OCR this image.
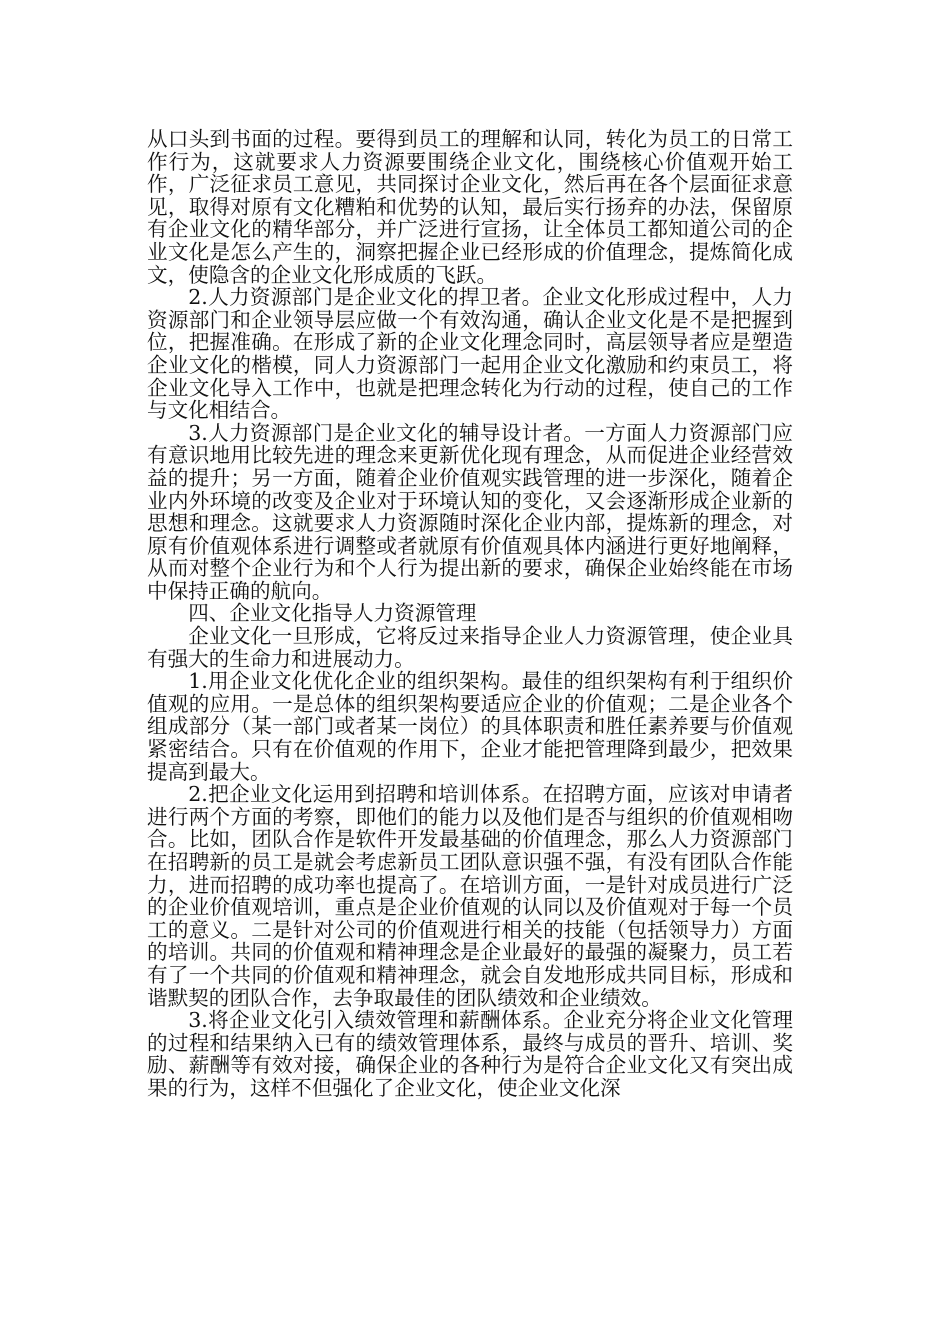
从口头到书面的过程。要得到员工的理解和认同，转化为员工的日常工作行为，这就要求人力资源要围绕企业文化，围绕核心价值观开始工作，广泛征求员工意见，共同探讨企业文化，然后再在各个层面征求意见，取得对原有文化糟粕和优势的认知，最后实行扬弃的办法，保留原有企业文化的精华部分，并广泛进行宣扬，让全体员工都知道公司的企业文化是怎么产生的，洞察把握企业已经形成的价值理念，提炼简化成文，使隐含的企业文化形成质的飞跃。

2.人力资源部门是企业文化的捍卫者。企业文化形成过程中，人力资源部门和企业领导层应做一个有效沟通，确认企业文化是不是把握到位，把握准确。在形成了新的企业文化理念同时，高层领导者应是塑造企业文化的楷模，同人力资源部门一起用企业文化激励和约束员工，将企业文化导入工作中，也就是把理念转化为行动的过程，使自己的工作与文化相结合。

3.人力资源部门是企业文化的辅导设计者。一方面人力资源部门应有意识地用比较先进的理念来更新优化现有理念，从而促进企业经营效益的提升；另一方面，随着企业价值观实践管理的进一步深化，随着企业内外环境的改变及企业对于环境认知的变化，又会逐渐形成企业新的思想和理念。这就要求人力资源随时深化企业内部，提炼新的理念，对原有价值观体系进行调整或者就原有价值观具体内涵进行更好地阐释，从而对整个企业行为和个人行为提出新的要求，确保企业始终能在市场中保持正确的航向。

四、企业文化指导人力资源管理

企业文化一旦形成，它将反过来指导企业人力资源管理，使企业具有强大的生命力和进展动力。

1.用企业文化优化企业的组织架构。最佳的组织架构有利于组织价值观的应用。一是总体的组织架构要适应企业的价值观；二是企业各个组成部分（某一部门或者某一岗位）的具体职责和胜任素养要与价值观紧密结合。只有在价值观的作用下，企业才能把管理降到最少，把效果提高到最大。

2.把企业文化运用到招聘和培训体系。在招聘方面，应该对申请者进行两个方面的考察，即他们的能力以及他们是否与组织的价值观相吻合。比如，团队合作是软件开发最基础的价值理念，那么人力资源部门在招聘新的员工是就会考虑新员工团队意识强不强，有没有团队合作能力，进而招聘的成功率也提高了。在培训方面，一是针对成员进行广泛的企业价值观培训，重点是企业价值观的认同以及价值观对于每一个员工的意义。二是针对公司的价值观进行相关的技能（包括领导力）方面的培训。共同的价值观和精神理念是企业最好的最强的凝聚力，员工若有了一个共同的价值观和精神理念，就会自发地形成共同目标，形成和谐默契的团队合作，去争取最佳的团队绩效和企业绩效。

3.将企业文化引入绩效管理和薪酬体系。企业充分将企业文化管理的过程和结果纳入已有的绩效管理体系，最终与成员的晋升、培训、奖励、薪酬等有效对接，确保企业的各种行为是符合企业文化又有突出成果的行为，这样不但强化了企业文化，使企业文化深
